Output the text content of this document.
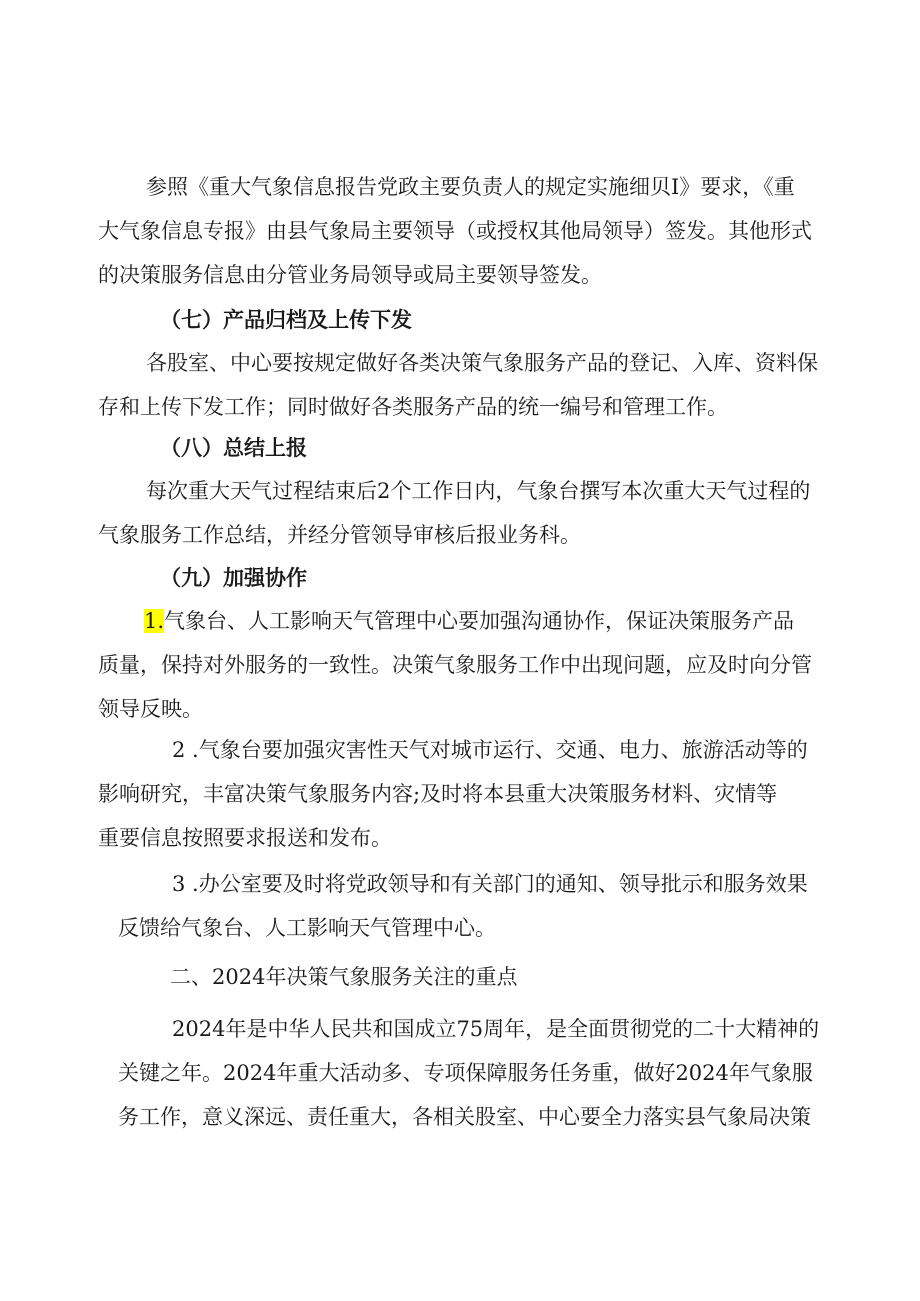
参照《重大气象信息报告党政主要负责人的规定实施细贝I》要求，《重
大气象信息专报》由县气象局主要领导（或授权其他局领导）签发。其他形式
的决策服务信息由分管业务局领导或局主要领导签发。
（七）产品归档及上传下发
各股室、中心要按规定做好各类决策气象服务产品的登记、入库、资料保
存和上传下发工作；同时做好各类服务产品的统一编号和管理工作。
（八）总结上报
每次重大天气过程结束后2个工作日内，气象台撰写本次重大天气过程的
气象服务工作总结，并经分管领导审核后报业务科。
（九）加强协作
1.气象台、人工影响天气管理中心要加强沟通协作，保证决策服务产品
质量，保持对外服务的一致性。决策气象服务工作中出现问题，应及时向分管
领导反映。
2 .气象台要加强灾害性天气对城市运行、交通、电力、旅游活动等的
影响研究，丰富决策气象服务内容;及时将本县重大决策服务材料、灾情等
重要信息按照要求报送和发布。
3 .办公室要及时将党政领导和有关部门的通知、领导批示和服务效果
反馈给气象台、人工影响天气管理中心。
二、2024年决策气象服务关注的重点
2024年是中华人民共和国成立75周年，是全面贯彻党的二十大精神的
关键之年。2024年重大活动多、专项保障服务任务重，做好2024年气象服
务工作，意义深远、责任重大，各相关股室、中心要全力落实县气象局决策
